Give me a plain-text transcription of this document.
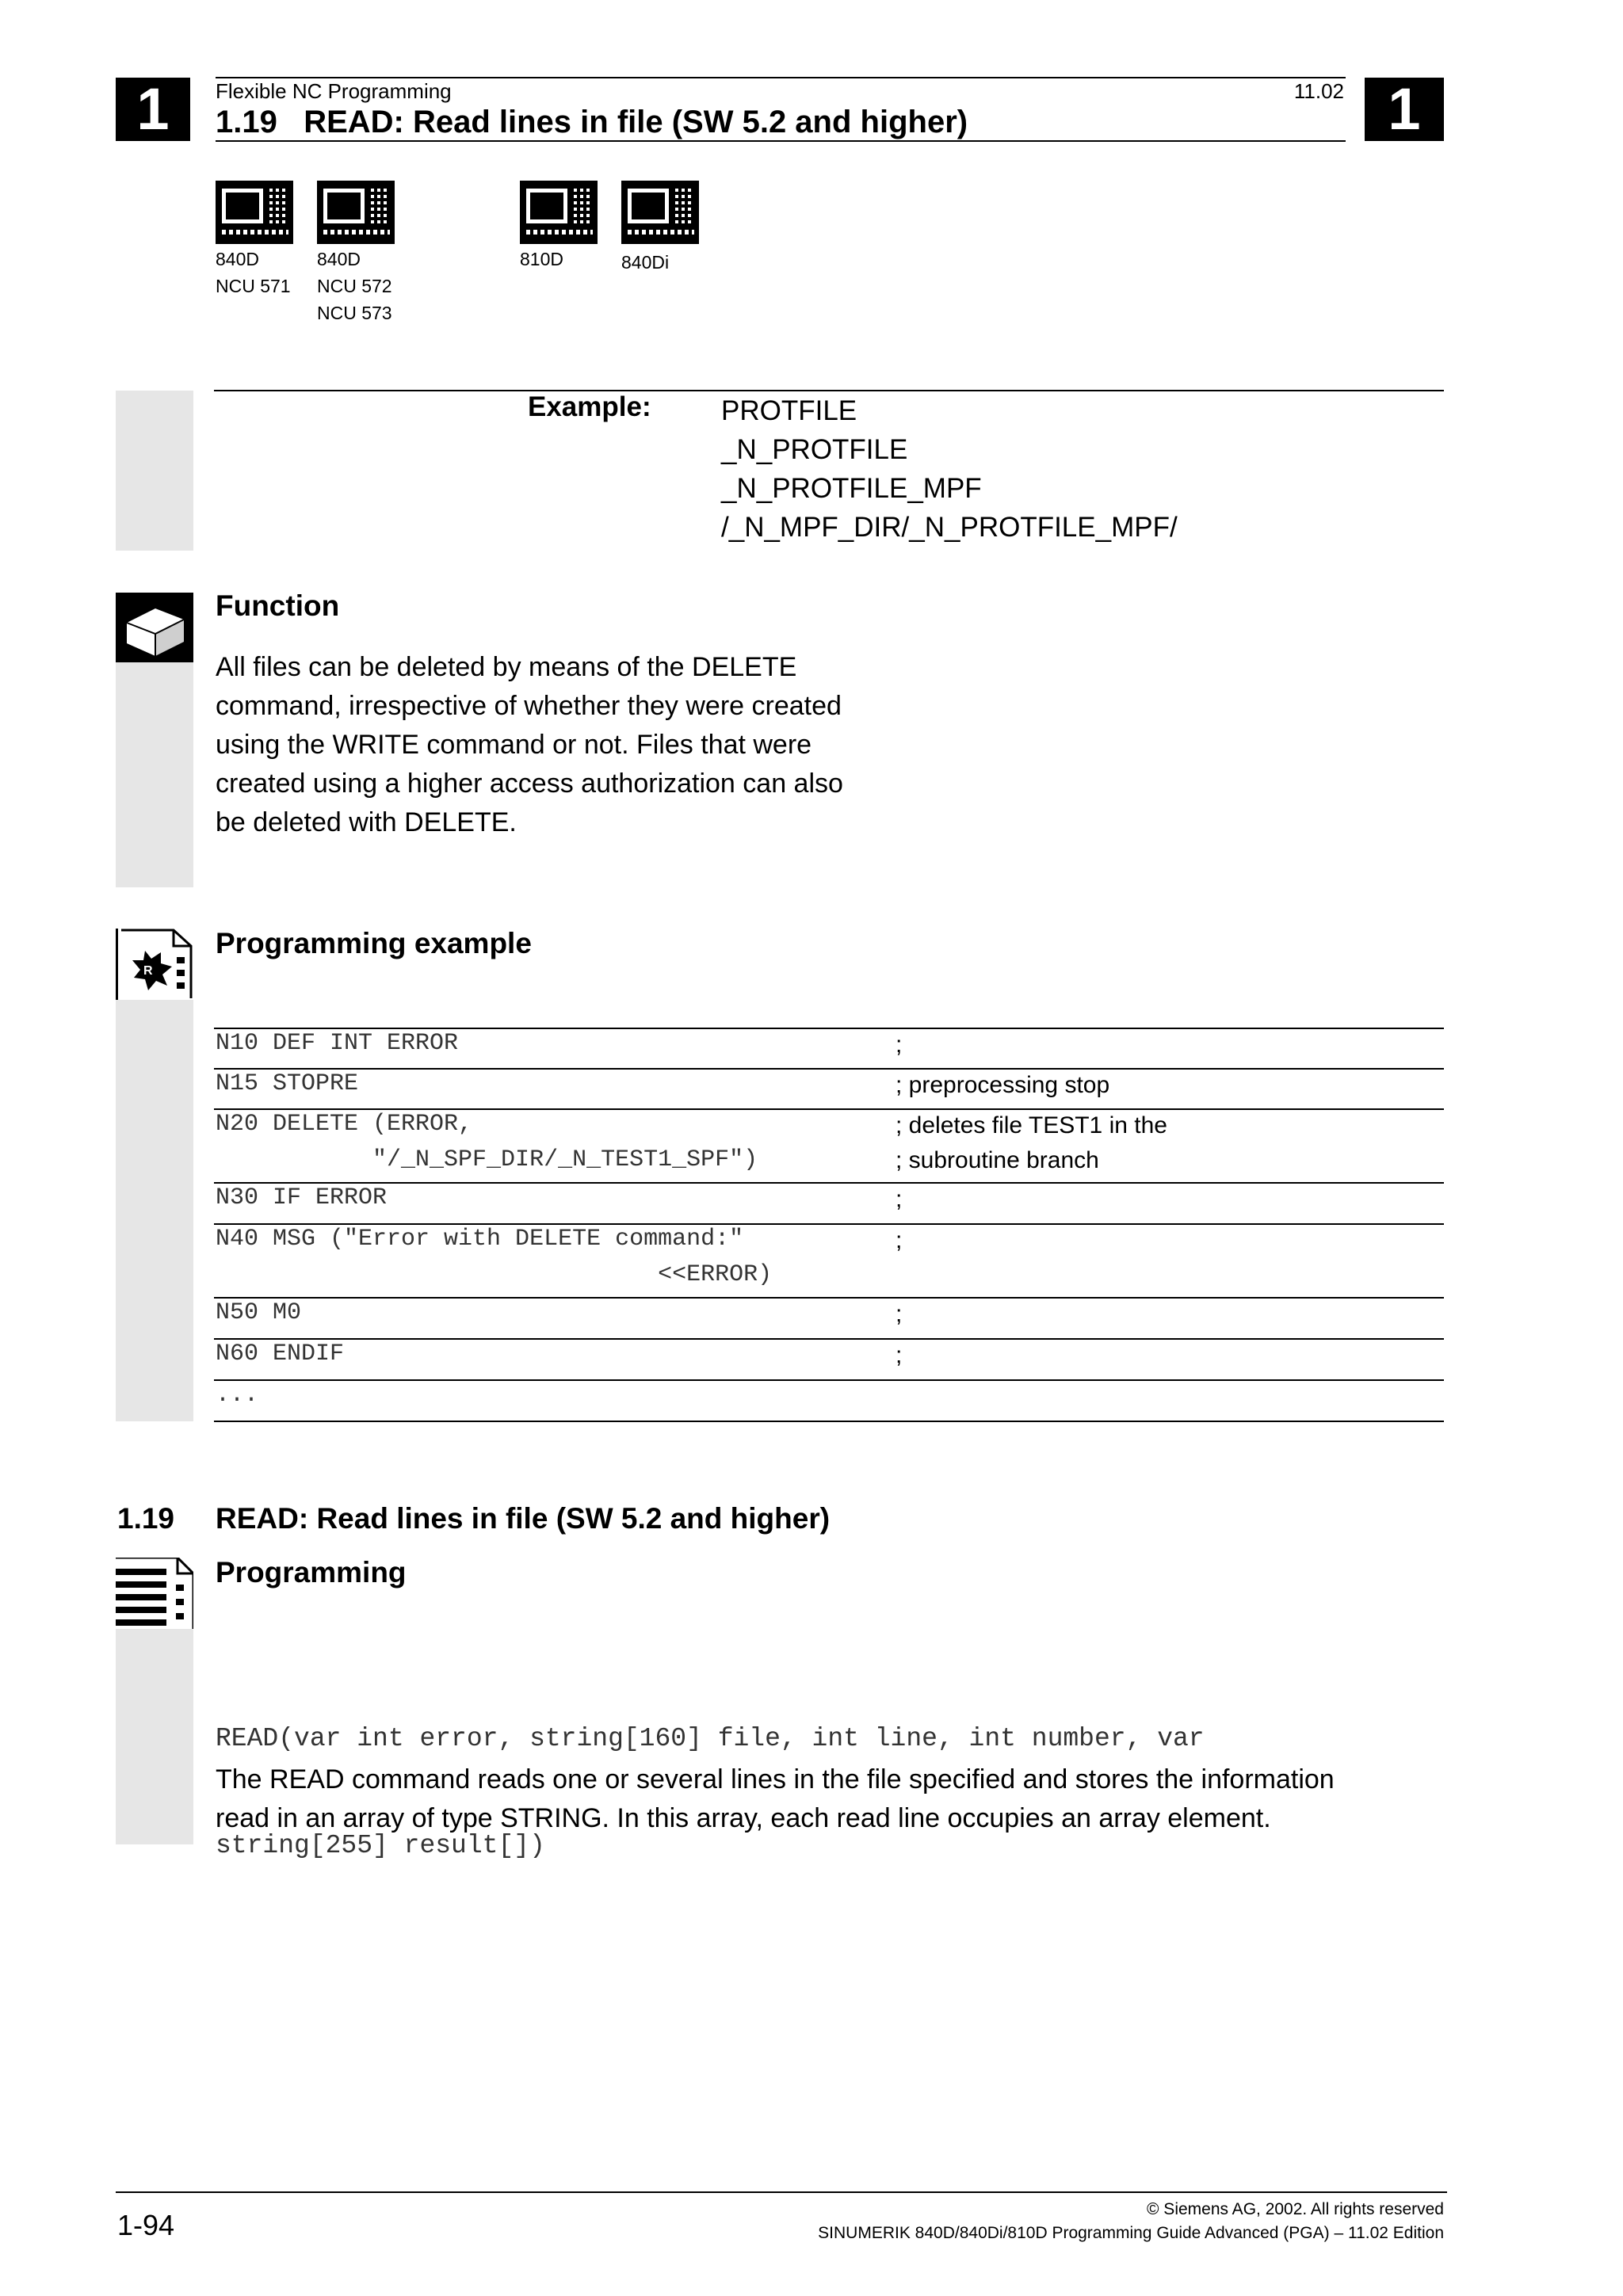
1	1
Flexible NC Programming	11.02
1.19   READ: Read lines in file (SW 5.2 and higher)
840D
NCU 571
840D
NCU 572
NCU 573
810D	840Di
Example:	PROTFILE
_N_PROTFILE
_N_PROTFILE_MPF
/_N_MPF_DIR/_N_PROTFILE_MPF/
Function
All files can be deleted by means of the DELETE
command, irrespective of whether they were created
using the WRITE command or not. Files that were
created using a higher access authorization can also
be deleted with DELETE.
R
Programming example
N10 DEF INT ERROR	;
N15 STOPRE	; preprocessing stop
N20 DELETE (ERROR,
"/_N_SPF_DIR/_N_TEST1_SPF")
; deletes file TEST1 in the
; subroutine branch
N30 IF ERROR	;
N40 MSG ("Error with DELETE command:"
<<ERROR)
;
N50 M0	;
N60 ENDIF	;
...
1.19 READ: Read lines in file (SW 5.2 and higher)
Programming

READ(var int error, string[160] file, int line, int number, var

string[255] result[])

The READ command reads one or several lines in the file specified and stores the information
read in an array of type STRING. In this array, each read line occupies an array element.
1-94	© Siemens AG, 2002. All rights reserved
SINUMERIK 840D/840Di/810D Programming Guide Advanced (PGA) – 11.02 Edition
